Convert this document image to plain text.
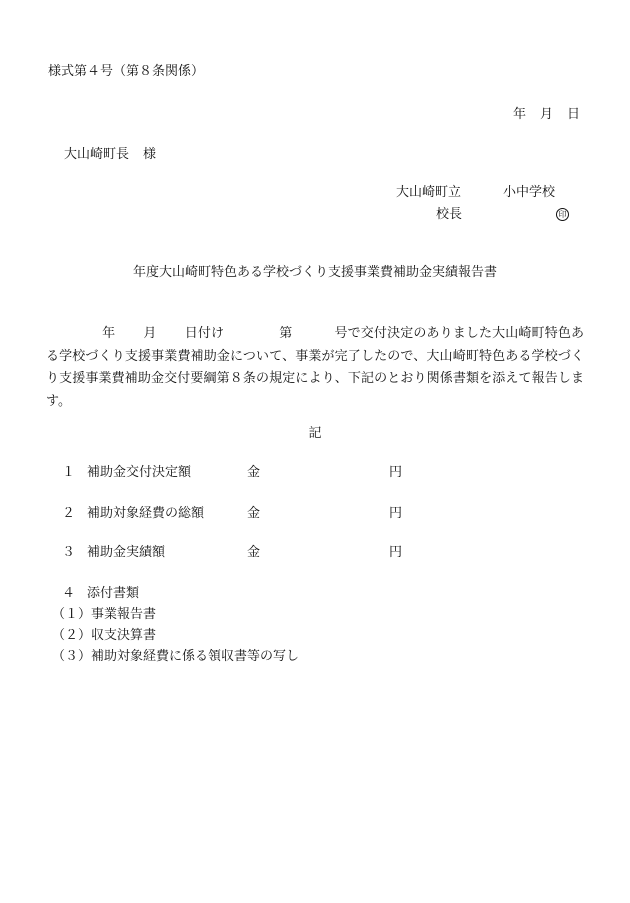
様式第４号（第８条関係）
年 月 日
大山崎町長 様
大山崎町立	小中学校
校長	印
年度大山崎町特色ある学校づくり支援事業費補助金実績報告書
年 月 日付け	第	号で交付決定のありました大山崎町特色ある学校づくり支援事業費補助金について、事業が完了したので、大山崎町特色ある学校づくり支援事業費補助金交付要綱第８条の規定により、下記のとおり関係書類を添えて報告します。
記
１ 補助金交付決定額	金	円
２ 補助対象経費の総額	金	円
３ 補助金実績額	金	円
４ 添付書類
（１）事業報告書
（２）収支決算書
（３）補助対象経費に係る領収書等の写し
